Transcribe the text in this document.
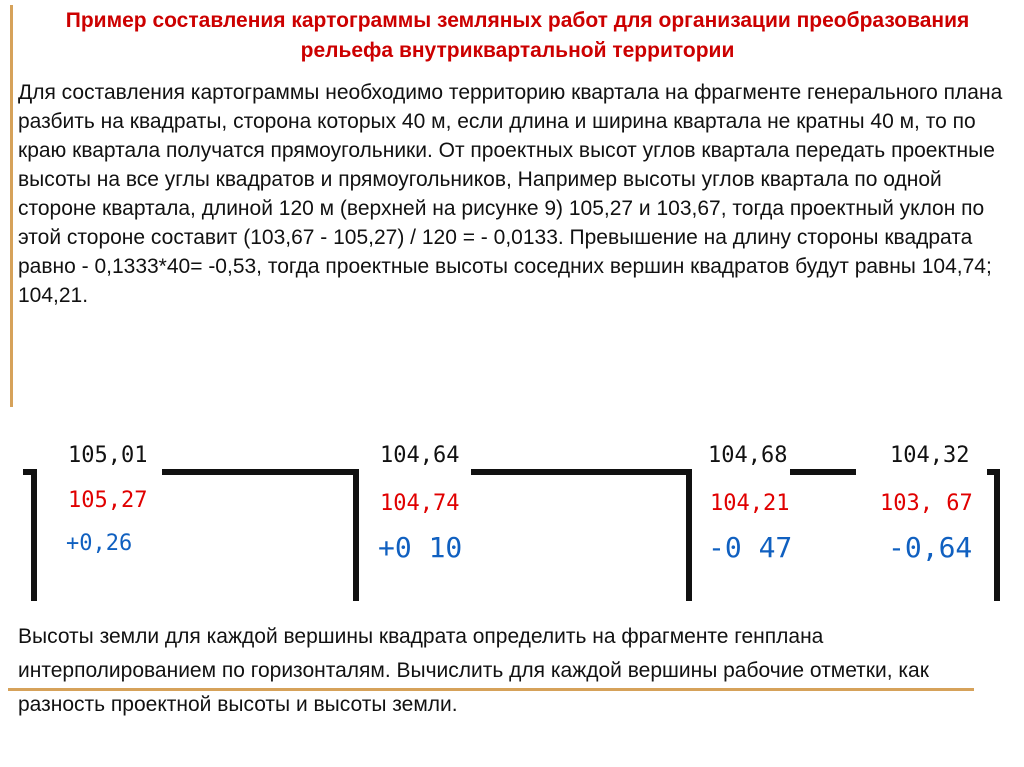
Пример составления картограммы земляных работ для организации преобразования рельефа внутриквартальной территории

Для составления картограммы необходимо территорию квартала на фрагменте генерального плана разбить на квадраты, сторона которых 40 м, если длина и ширина квартала не кратны 40 м, то по краю квартала получатся прямоугольники. От проектных высот углов квартала передать проектные высоты на все углы квадратов и прямоугольников, Например высоты углов квартала по одной стороне квартала, длиной 120 м (верхней на рисунке 9) 105,27 и 103,67, тогда проектный уклон по этой стороне составит (103,67 - 105,27) / 120 = - 0,0133. Превышение на длину стороны квадрата равно - 0,1333*40= -0,53, тогда проектные высоты соседних вершин квадратов будут равны 104,74; 104,21.

105,01
105,27
+0,26
104,64
104,74
+0 10
104,68
104,21
-0 47
104,32
103, 67
-0,64

Высоты земли для каждой вершины квадрата определить на фрагменте генплана интерполированием по горизонталям. Вычислить для каждой вершины рабочие отметки, как разность проектной высоты и высоты земли.
